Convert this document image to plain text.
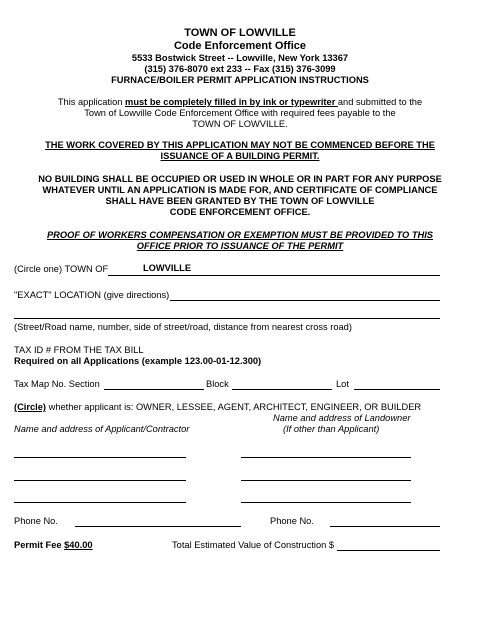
TOWN OF LOWVILLE
Code Enforcement Office
5533 Bostwick Street -- Lowville, New York 13367
(315) 376-8070 ext 233 -- Fax (315) 376-3099
FURNACE/BOILER PERMIT APPLICATION INSTRUCTIONS
This application must be completely filled in by ink or typewriter and submitted to the
Town of Lowville Code Enforcement Office with required fees payable to the
TOWN OF LOWVILLE.
THE WORK COVERED BY THIS APPLICATION MAY NOT BE COMMENCED BEFORE THE
ISSUANCE OF A BUILDING PERMIT.
NO BUILDING SHALL BE OCCUPIED OR USED IN WHOLE OR IN PART FOR ANY PURPOSE
WHATEVER UNTIL AN APPLICATION IS MADE FOR, AND CERTIFICATE OF COMPLIANCE
SHALL HAVE BEEN GRANTED BY THE TOWN OF LOWVILLE
CODE ENFORCEMENT OFFICE.
PROOF OF WORKERS COMPENSATION OR EXEMPTION MUST BE PROVIDED TO THIS
OFFICE PRIOR TO ISSUANCE OF THE PERMIT
(Circle one) TOWN OF	LOWVILLE
"EXACT" LOCATION (give directions)
(Street/Road name, number, side of street/road, distance from nearest cross road)
TAX ID # FROM THE TAX BILL
Required on all Applications (example 123.00-01-12.300)
Tax Map No. Section	Block	Lot
(Circle) whether applicant is: OWNER, LESSEE, AGENT, ARCHITECT, ENGINEER, OR BUILDER
Name and address of Landowner
Name and address of Applicant/Contractor	(If other than Applicant)
Phone No.	Phone No.
Permit Fee $40.00	Total Estimated Value of Construction $
